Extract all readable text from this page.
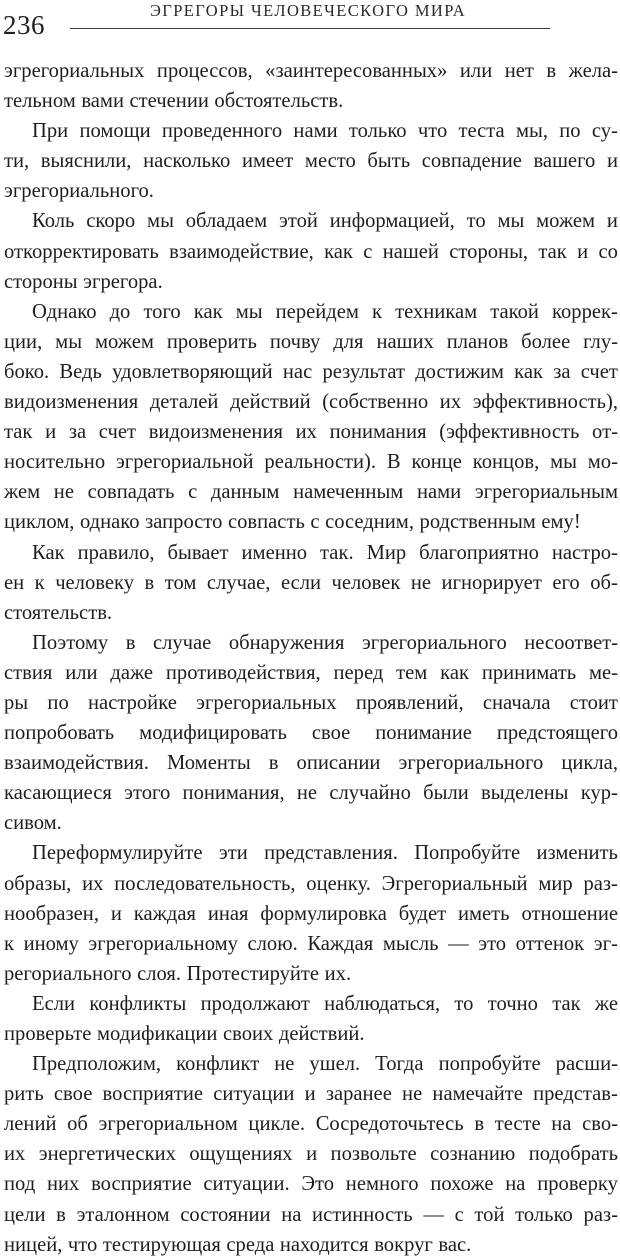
236	ЭГРЕГОРЫ ЧЕЛОВЕЧЕСКОГО МИРА
эгрегориальных процессов, «заинтересованных» или нет в жела-
тельном вами стечении обстоятельств.
При помощи проведенного нами только что теста мы, по су-
ти, выяснили, насколько имеет место быть совпадение вашего и
эгрегориального.
Коль скоро мы обладаем этой информацией, то мы можем и
откорректировать взаимодействие, как с нашей стороны, так и со
стороны эгрегора.
Однако до того как мы перейдем к техникам такой коррек-
ции, мы можем проверить почву для наших планов более глу-
боко. Ведь удовлетворяющий нас результат достижим как за счет
видоизменения деталей действий (собственно их эффективность),
так и за счет видоизменения их понимания (эффективность от-
носительно эгрегориальной реальности). В конце концов, мы мо-
жем не совпадать с данным намеченным нами эгрегориальным
циклом, однако запросто совпасть с соседним, родственным ему!
Как правило, бывает именно так. Мир благоприятно настро-
ен к человеку в том случае, если человек не игнорирует его об-
стоятельств.
Поэтому в случае обнаружения эгрегориального несоответ-
ствия или даже противодействия, перед тем как принимать ме-
ры по настройке эгрегориальных проявлений, сначала стоит
попробовать модифицировать свое понимание предстоящего
взаимодействия. Моменты в описании эгрегориального цикла,
касающиеся этого понимания, не случайно были выделены кур-
сивом.
Переформулируйте эти представления. Попробуйте изменить
образы, их последовательность, оценку. Эгрегориальный мир раз-
нообразен, и каждая иная формулировка будет иметь отношение
к иному эгрегориальному слою. Каждая мысль — это оттенок эг-
регориального слоя. Протестируйте их.
Если конфликты продолжают наблюдаться, то точно так же
проверьте модификации своих действий.
Предположим, конфликт не ушел. Тогда попробуйте расши-
рить свое восприятие ситуации и заранее не намечайте представ-
лений об эгрегориальном цикле. Сосредоточьтесь в тесте на сво-
их энергетических ощущениях и позвольте сознанию подобрать
под них восприятие ситуации. Это немного похоже на проверку
цели в эталонном состоянии на истинность — с той только раз-
ницей, что тестирующая среда находится вокруг вас.
